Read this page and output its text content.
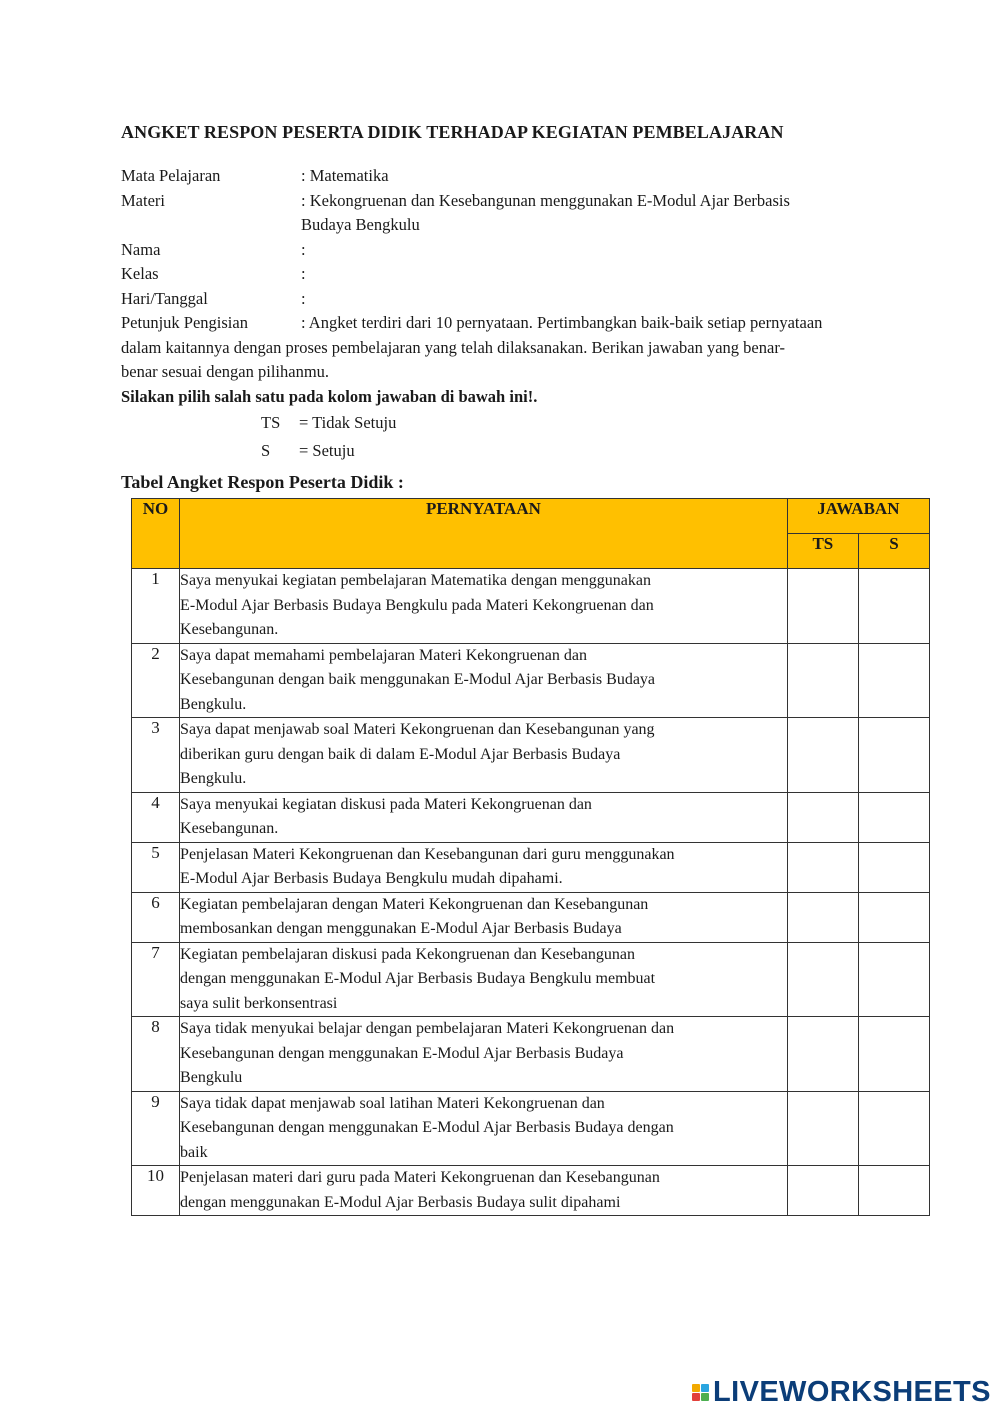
ANGKET RESPON PESERTA DIDIK TERHADAP KEGIATAN PEMBELAJARAN
Mata Pelajaran	: Matematika
Materi	: Kekongruenan dan Kesebangunan menggunakan E-Modul Ajar Berbasis
Budaya Bengkulu
Nama	:
Kelas	:
Hari/Tanggal	:
Petunjuk Pengisian	: Angket terdiri dari 10 pernyataan. Pertimbangkan baik-baik setiap pernyataan
dalam kaitannya dengan proses pembelajaran yang telah dilaksanakan. Berikan jawaban yang benar-
benar sesuai dengan pilihanmu.
Silakan pilih salah satu pada kolom jawaban di bawah ini!.
TS	= Tidak Setuju
S	= Setuju
Tabel Angket Respon Peserta Didik :
NO	PERNYATAAN	JAWABAN	
		TS	S
1	Saya menyukai kegiatan pembelajaran Matematika dengan menggunakan
E-Modul Ajar Berbasis Budaya Bengkulu pada Materi Kekongruenan dan
Kesebangunan.		

2	Saya dapat memahami pembelajaran Materi Kekongruenan dan
Kesebangunan dengan baik menggunakan E-Modul Ajar Berbasis Budaya
Bengkulu.		

3	Saya dapat menjawab soal Materi Kekongruenan dan Kesebangunan yang
diberikan guru dengan baik di dalam E-Modul Ajar Berbasis Budaya
Bengkulu.		

4	Saya menyukai kegiatan diskusi pada Materi Kekongruenan dan
Kesebangunan.		

5	Penjelasan Materi Kekongruenan dan Kesebangunan dari guru menggunakan
E-Modul Ajar Berbasis Budaya Bengkulu mudah dipahami.		

6	Kegiatan pembelajaran dengan Materi Kekongruenan dan Kesebangunan
membosankan dengan menggunakan E-Modul Ajar Berbasis Budaya		

7	Kegiatan pembelajaran diskusi pada Kekongruenan dan Kesebangunan
dengan menggunakan E-Modul Ajar Berbasis Budaya Bengkulu membuat
saya sulit berkonsentrasi		

8	Saya tidak menyukai belajar dengan pembelajaran Materi Kekongruenan dan
Kesebangunan dengan menggunakan E-Modul Ajar Berbasis Budaya
Bengkulu		

9	Saya tidak dapat menjawab soal latihan Materi Kekongruenan dan
Kesebangunan dengan menggunakan E-Modul Ajar Berbasis Budaya dengan
baik		

10	Penjelasan materi dari guru pada Materi Kekongruenan dan Kesebangunan
dengan menggunakan E-Modul Ajar Berbasis Budaya sulit dipahami		

LIVEWORKSHEETS
